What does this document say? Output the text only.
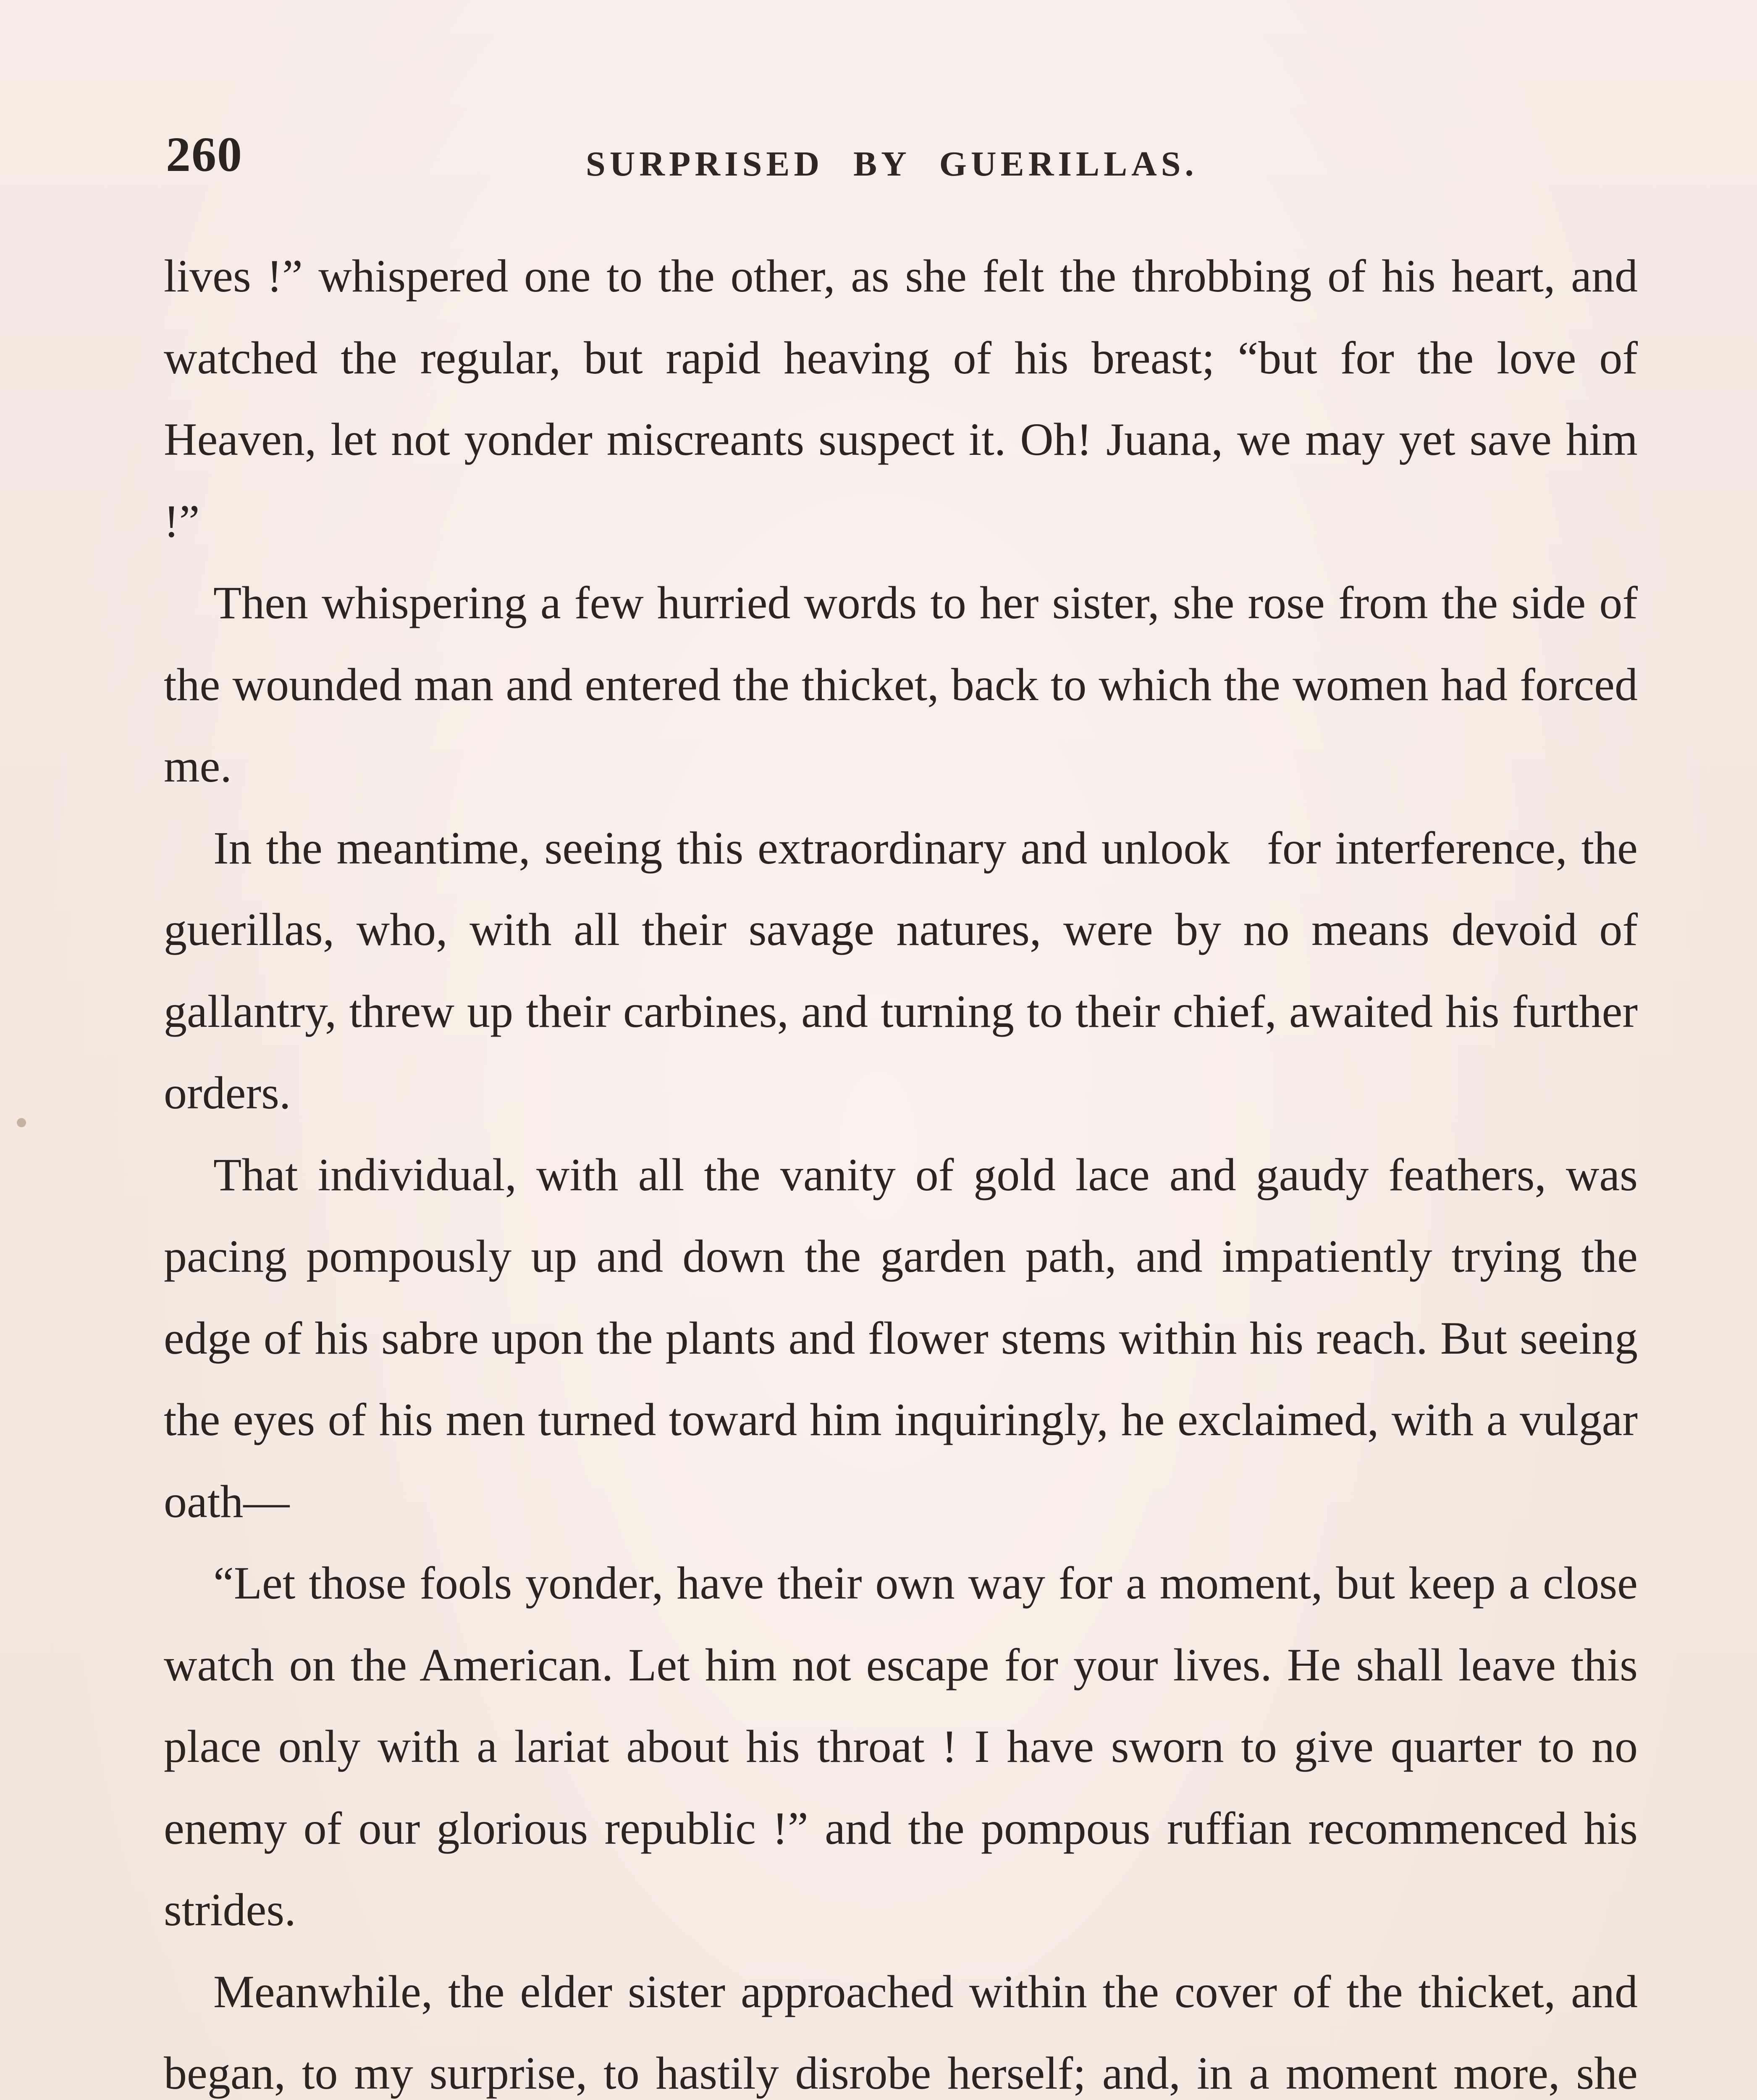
260	SURPRISED BY GUERILLAS.

lives !” whispered one to the other, as she felt the throbbing of his heart, and watched the regular, but rapid heaving of his breast; “but for the love of Heaven, let not yonder miscreants suspect it. Oh! Juana, we may yet save him !”

Then whispering a few hurried words to her sister, she rose from the side of the wounded man and entered the thicket, back to which the women had forced me.

In the meantime, seeing this extraordinary and unlook  for interference, the guerillas, who, with all their savage natures, were by no means devoid of gallantry, threw up their carbines, and turning to their chief, awaited his further orders.

That individual, with all the vanity of gold lace and gaudy feathers, was pacing pompously up and down the garden path, and impatiently trying the edge of his sabre upon the plants and flower stems within his reach. But seeing the eyes of his men turned toward him inquiringly, he exclaimed, with a vulgar oath—

“Let those fools yonder, have their own way for a moment, but keep a close watch on the American. Let him not escape for your lives. He shall leave this place only with a lariat about his throat ! I have sworn to give quarter to no enemy of our glorious republic !” and the pompous ruffian recommenced his strides.

Meanwhile, the elder sister approached within the cover of the thicket, and began, to my surprise, to hastily disrobe herself; and, in a moment more, she
